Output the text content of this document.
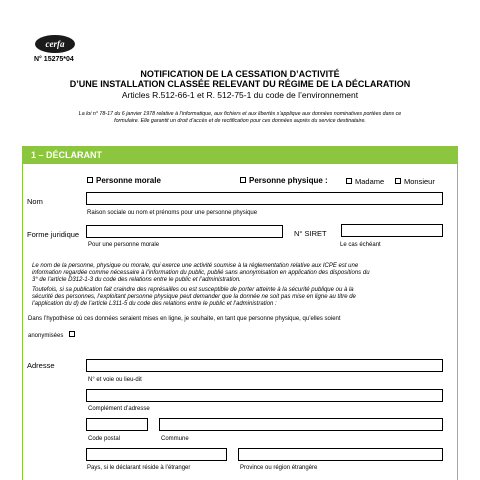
cerfa
N° 15275*04
NOTIFICATION DE LA CESSATION D’ACTIVITÉ
D’UNE INSTALLATION CLASSÉE RELEVANT DU RÉGIME DE LA DÉCLARATION
Articles R.512-66-1 et R. 512-75-1 du code de l’environnement
La loi n° 78-17 du 6 janvier 1978 relative à l’informatique, aux fichiers et aux libertés s’applique aux données nominatives portées dans ce
formulaire. Elle garantit un droit d’accès et de rectification pour ces données auprès du service destinataire.
1 – DÉCLARANT
Personne morale	Personne physique :	Madame	Monsieur
Nom
Raison sociale ou nom et prénoms pour une personne physique
Forme juridique
Pour une personne morale
N° SIRET
Le cas échéant
Le nom de la personne, physique ou morale, qui exerce une activité soumise à la réglementation relative aux ICPE est une
information regardée comme nécessaire à l’information du public, publié sans anonymisation en application des dispositions du
3° de l’article D312-1-3 du code des relations entre le public et l’administration.
Toutefois, si sa publication fait craindre des représailles ou est susceptible de porter atteinte à la sécurité publique ou à la
sécurité des personnes, l’exploitant personne physique peut demander que la donnée ne soit pas mise en ligne au titre de
l’application du d) de l’article L311-5 du code des relations entre le public et l’administration :
Dans l’hypothèse où ces données seraient mises en ligne, je souhaite, en tant que personne physique, qu’elles soient
anonymisées
Adresse
N° et voie ou lieu-dit
Complément d’adresse
Code postal	Commune
Pays, si le déclarant réside à l’étranger	Province ou région étrangère
